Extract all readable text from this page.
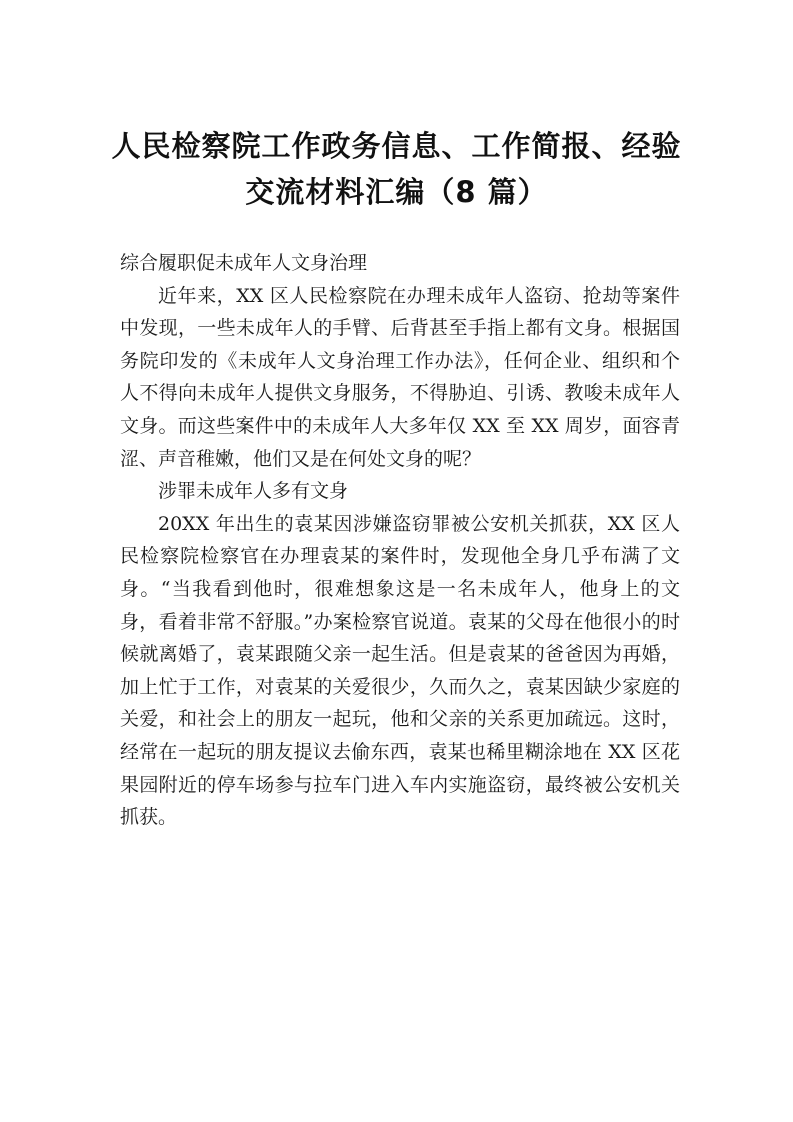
人民检察院工作政务信息、工作简报、经验
交流材料汇编（8 篇）

综合履职促未成年人文身治理

近年来，XX 区人民检察院在办理未成年人盗窃、抢劫等案件中发现，一些未成年人的手臂、后背甚至手指上都有文身。根据国务院印发的《未成年人文身治理工作办法》，任何企业、组织和个人不得向未成年人提供文身服务，不得胁迫、引诱、教唆未成年人文身。而这些案件中的未成年人大多年仅 XX 至 XX 周岁，面容青涩、声音稚嫩，他们又是在何处文身的呢？

涉罪未成年人多有文身

20XX 年出生的袁某因涉嫌盗窃罪被公安机关抓获，XX 区人民检察院检察官在办理袁某的案件时，发现他全身几乎布满了文身。“当我看到他时，很难想象这是一名未成年人，他身上的文身，看着非常不舒服。”办案检察官说道。袁某的父母在他很小的时候就离婚了，袁某跟随父亲一起生活。但是袁某的爸爸因为再婚，加上忙于工作，对袁某的关爱很少，久而久之，袁某因缺少家庭的关爱，和社会上的朋友一起玩，他和父亲的关系更加疏远。这时，经常在一起玩的朋友提议去偷东西，袁某也稀里糊涂地在 XX 区花果园附近的停车场参与拉车门进入车内实施盗窃，最终被公安机关抓获。
